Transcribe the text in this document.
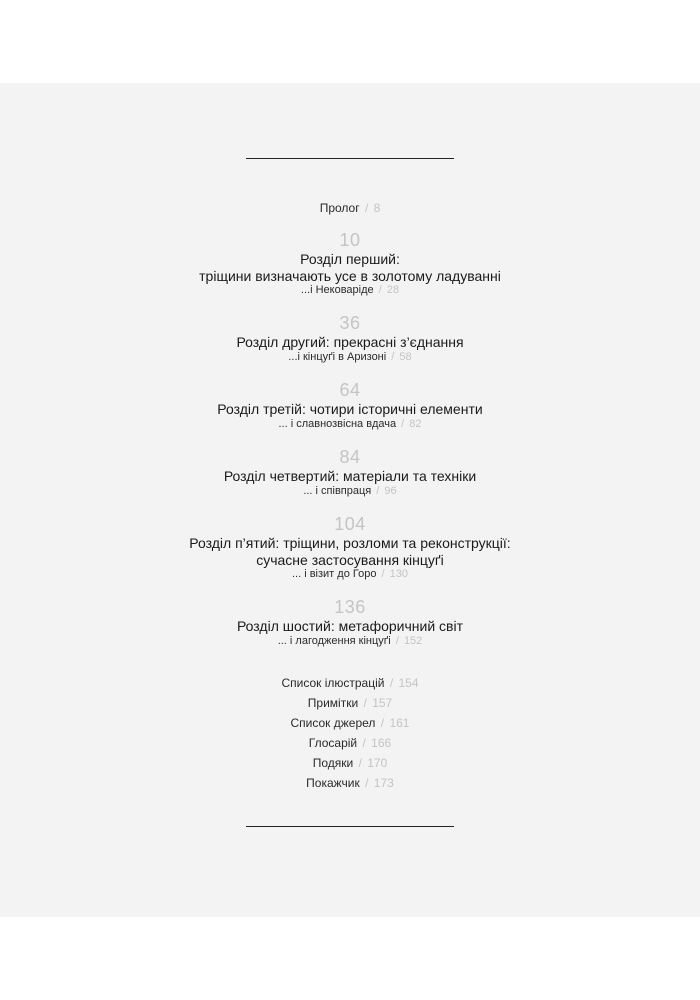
Пролог / 8
10
Розділ перший:
тріщини визначають усе в золотому ладуванні
...і Нековаріде / 28
36
Розділ другий: прекрасні з’єднання
...і кінцуґі в Аризоні / 58
64
Розділ третій: чотири історичні елементи
... і славнозвісна вдача / 82
84
Розділ четвертий: матеріали та техніки
... і співпраця / 96
104
Розділ п’ятий: тріщини, розломи та реконструкції:
сучасне застосування кінцуґі
... і візит до Горо / 130
136
Розділ шостий: метафоричний світ
... і лагодження кінцуґі / 152
Список ілюстрацій / 154
Примітки / 157
Список джерел / 161
Глосарій / 166
Подяки / 170
Покажчик / 173
